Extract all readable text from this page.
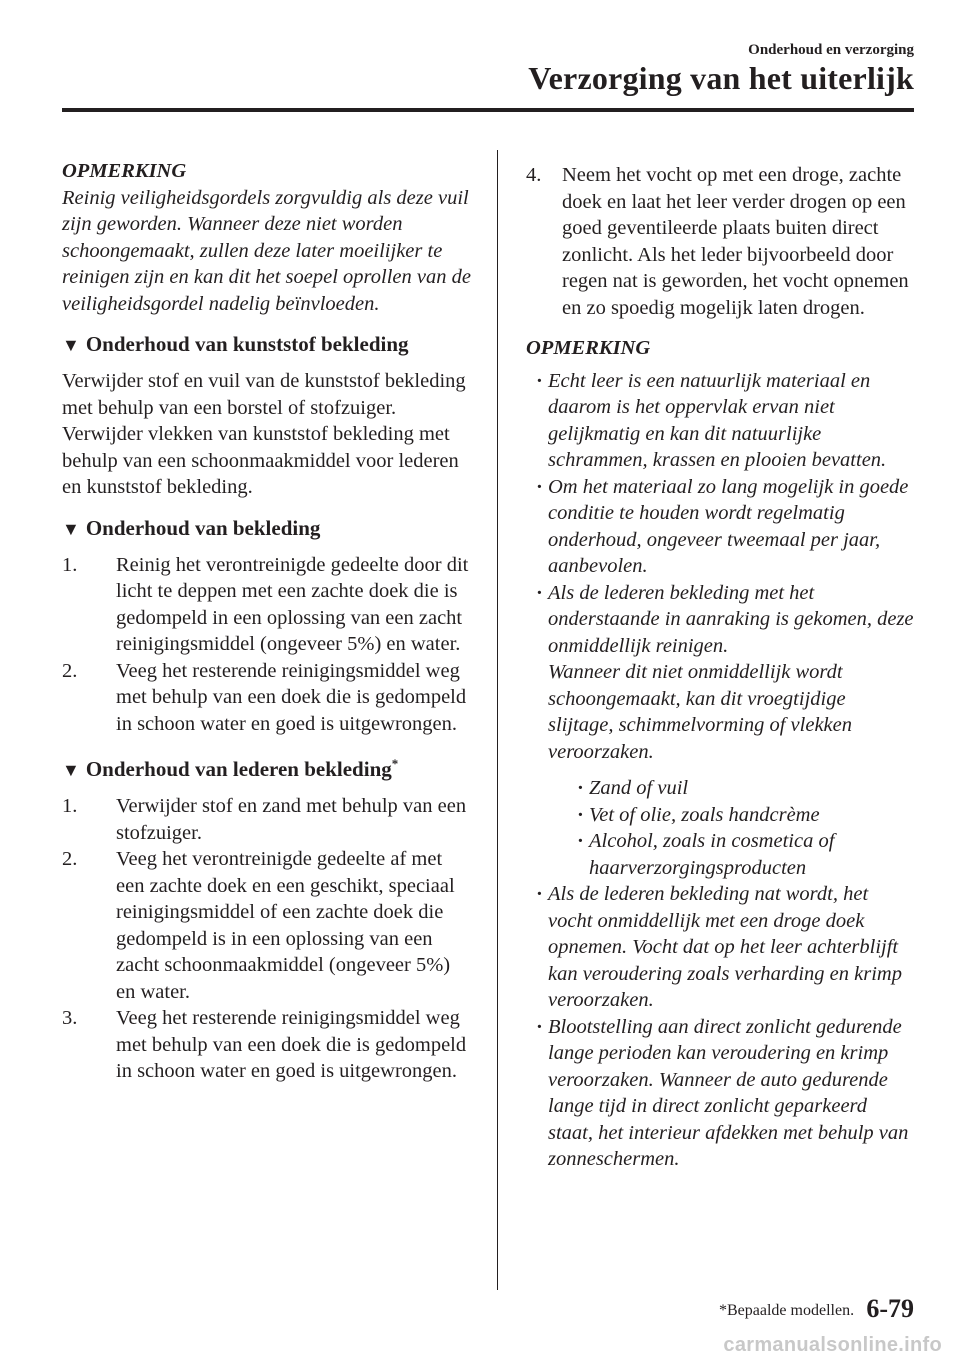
Onderhoud en verzorging
Verzorging van het uiterlijk

OPMERKING

Reinig veiligheidsgordels zorgvuldig als deze vuil zijn geworden. Wanneer deze niet worden schoongemaakt, zullen deze later moeilijker te reinigen zijn en kan dit het soepel oprollen van de veiligheidsgordel nadelig beïnvloeden.

▼ Onderhoud van kunststof bekleding

Verwijder stof en vuil van de kunststof bekleding met behulp van een borstel of stofzuiger.

Verwijder vlekken van kunststof bekleding met behulp van een schoonmaakmiddel voor lederen en kunststof bekleding.

▼ Onderhoud van bekleding
1. Reinig het verontreinigde gedeelte door dit licht te deppen met een zachte doek die is gedompeld in een oplossing van een zacht reinigingsmiddel (ongeveer 5%) en water.
2. Veeg het resterende reinigingsmiddel weg met behulp van een doek die is gedompeld in schoon water en goed is uitgewrongen.
▼ Onderhoud van lederen bekleding*
1. Verwijder stof en zand met behulp van een stofzuiger.
2. Veeg het verontreinigde gedeelte af met een zachte doek en een geschikt, speciaal reinigingsmiddel of een zachte doek die gedompeld is in een oplossing van een zacht schoonmaakmiddel (ongeveer 5%) en water.
3. Veeg het resterende reinigingsmiddel weg met behulp van een doek die is gedompeld in schoon water en goed is uitgewrongen.
4. Neem het vocht op met een droge, zachte doek en laat het leer verder drogen op een goed geventileerde plaats buiten direct zonlicht. Als het leder bijvoorbeeld door regen nat is geworden, het vocht opnemen en zo spoedig mogelijk laten drogen.

OPMERKING

· Echt leer is een natuurlijk materiaal en daarom is het oppervlak ervan niet gelijkmatig en kan dit natuurlijke schrammen, krassen en plooien bevatten.
· Om het materiaal zo lang mogelijk in goede conditie te houden wordt regelmatig onderhoud, ongeveer tweemaal per jaar, aanbevolen.
· Als de lederen bekleding met het onderstaande in aanraking is gekomen, deze onmiddellijk reinigen.
Wanneer dit niet onmiddellijk wordt schoongemaakt, kan dit vroegtijdige slijtage, schimmelvorming of vlekken veroorzaken.
· Zand of vuil
· Vet of olie, zoals handcrème
· Alcohol, zoals in cosmetica of haarverzorgingsproducten
· Als de lederen bekleding nat wordt, het vocht onmiddellijk met een droge doek opnemen. Vocht dat op het leer achterblijft kan veroudering zoals verharding en krimp veroorzaken.
· Blootstelling aan direct zonlicht gedurende lange perioden kan veroudering en krimp veroorzaken. Wanneer de auto gedurende lange tijd in direct zonlicht geparkeerd staat, het interieur afdekken met behulp van zonneschermen.
*Bepaalde modellen. 6-79
carmanualsonline.info
